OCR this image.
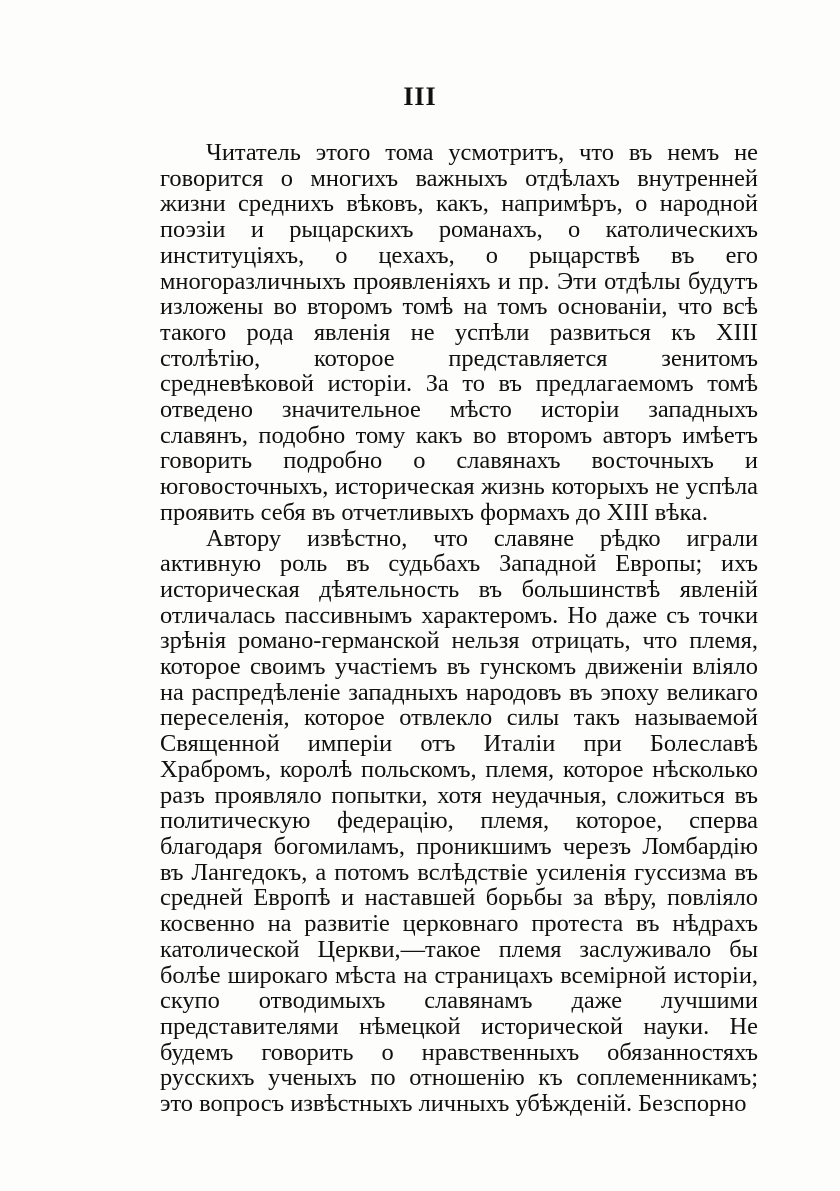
III

Читатель этого тома усмотритъ, что въ немъ не говорится о многихъ важныхъ отдѣлахъ внутренней жизни среднихъ вѣковъ, какъ, напримѣръ, о народной поэзіи и рыцарскихъ романахъ, о католическихъ институціяхъ, о цехахъ, о рыцарствѣ въ его многоразличныхъ проявленіяхъ и пр. Эти отдѣлы будутъ изложены во второмъ томѣ на томъ основаніи, что всѣ такого рода явленія не успѣли развиться къ XIII столѣтію, которое представляется зенитомъ средневѣковой исторіи. За то въ предлагаемомъ томѣ отведено значительное мѣсто исторіи западныхъ славянъ, подобно тому какъ во второмъ авторъ имѣетъ говорить подробно о славянахъ восточныхъ и юговосточныхъ, историческая жизнь которыхъ не успѣла проявить себя въ отчетливыхъ формахъ до XIII вѣка.

Автору извѣстно, что славяне рѣдко играли активную роль въ судьбахъ Западной Европы; ихъ историческая дѣятельность въ большинствѣ явленій отличалась пассивнымъ характеромъ. Но даже съ точки зрѣнія романо-германской нельзя отрицать, что племя, которое своимъ участіемъ въ гунскомъ движеніи вліяло на распредѣленіе западныхъ народовъ въ эпоху великаго переселенія, которое отвлекло силы такъ называемой Священной имперіи отъ Италіи при Болеславѣ Храбромъ, королѣ польскомъ, племя, которое нѣсколько разъ проявляло попытки, хотя неудачныя, сложиться въ политическую федерацію, племя, которое, сперва благодаря богомиламъ, проникшимъ черезъ Ломбардію въ Лангедокъ, а потомъ вслѣдствіе усиленія гуссизма въ средней Европѣ и наставшей борьбы за вѣру, повліяло косвенно на развитіе церковнаго протеста въ нѣдрахъ католической Церкви,—такое племя заслуживало бы болѣе широкаго мѣста на страницахъ всемірной исторіи, скупо отводимыхъ славянамъ даже лучшими представителями нѣмецкой исторической науки. Не будемъ говорить о нравственныхъ обязанностяхъ русскихъ ученыхъ по отношенію къ соплеменникамъ; это вопросъ извѣстныхъ личныхъ убѣжденій. Безспорно
